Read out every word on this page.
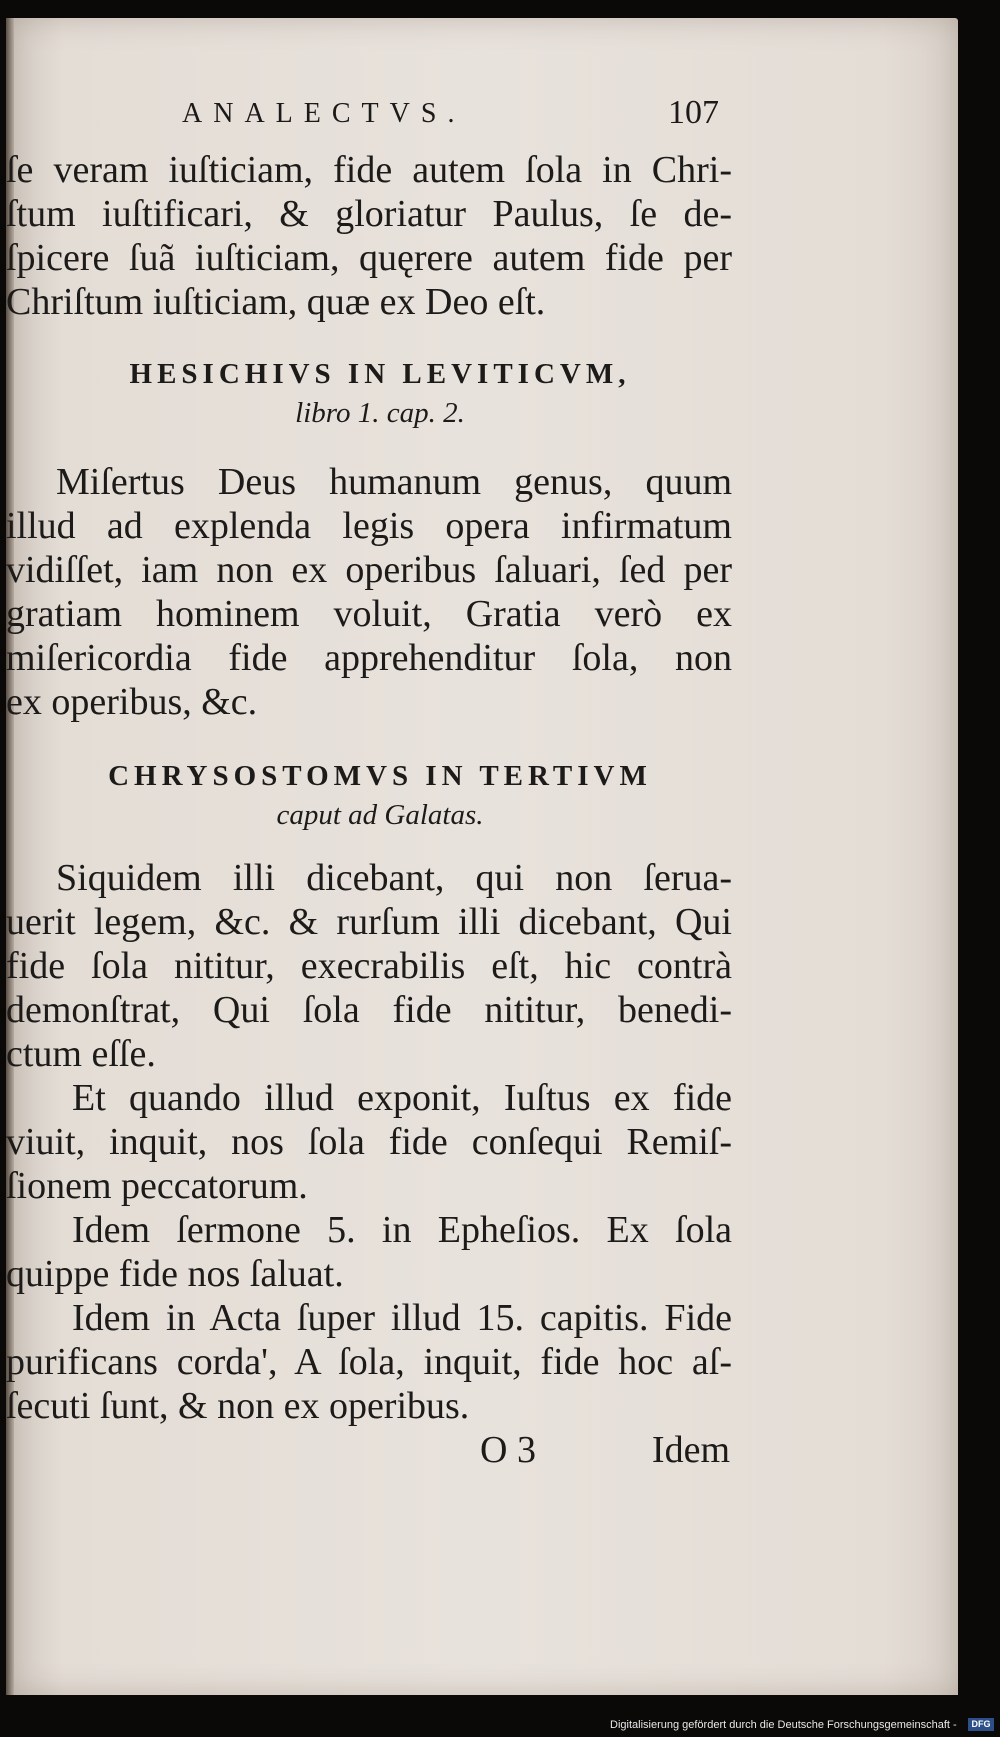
ANALECTVS.	107
ſe veram iuſticiam, fide autem ſola in Chri-
ſtum iuſtificari, & gloriatur Paulus, ſe de-
ſpicere ſuã iuſticiam, quęrere autem fide per
Chriſtum iuſticiam, quæ ex Deo eſt.
HESICHIVS IN LEVITICVM,
libro 1. cap. 2.
Miſertus Deus humanum genus, quum
illud ad explenda legis opera infirmatum
vidiſſet, iam non ex operibus ſaluari, ſed per
gratiam hominem voluit, Gratia verò ex
miſericordia fide apprehenditur ſola, non
ex operibus, &c.
CHRYSOSTOMVS IN TERTIVM
caput ad Galatas.
Siquidem illi dicebant, qui non ſerua-
uerit legem, &c. & rurſum illi dicebant, Qui
fide ſola nititur, execrabilis eſt, hic contrà
demonſtrat, Qui ſola fide nititur, benedi-
ctum eſſe.
Et quando illud exponit, Iuſtus ex fide
viuit, inquit, nos ſola fide conſequi Remiſ-
ſionem peccatorum.
Idem ſermone 5. in Epheſios. Ex ſola
quippe fide nos ſaluat.
Idem in Acta ſuper illud 15. capitis. Fide
purificans corda', A ſola, inquit, fide hoc aſ-
ſecuti ſunt, & non ex operibus.
O 3	Idem
Digitalisierung gefördert durch die Deutsche Forschungsgemeinschaft -	DFG
